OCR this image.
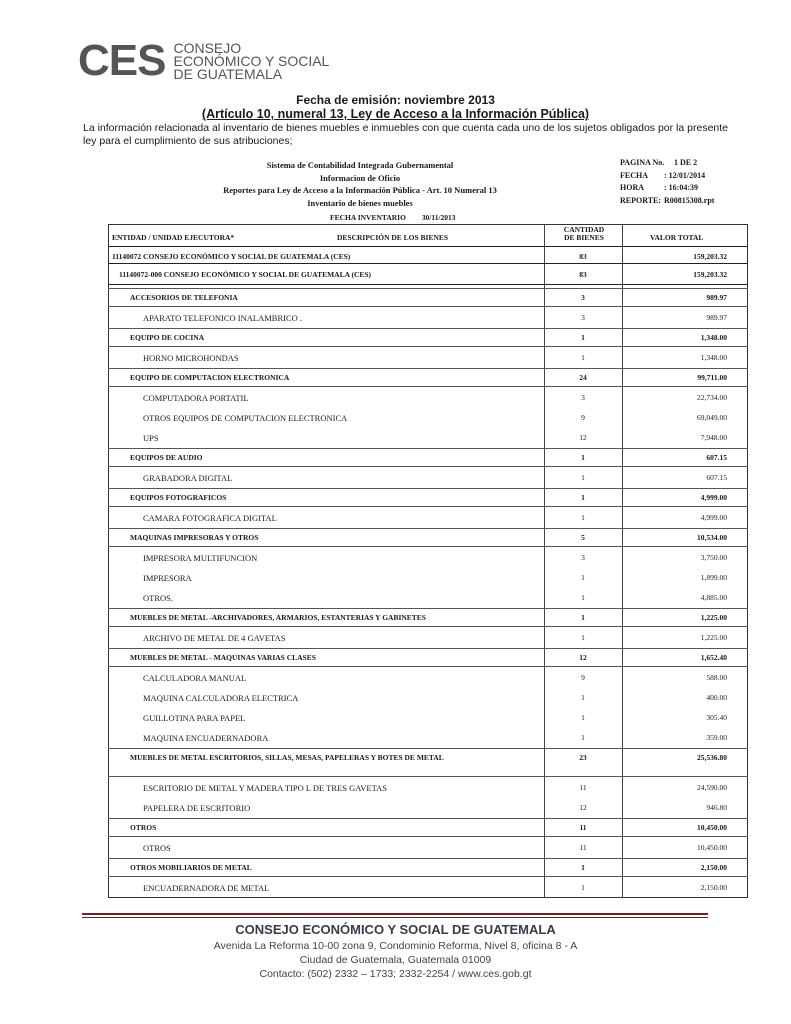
CES CONSEJO
ECONÓMICO Y SOCIAL
DE GUATEMALA
Fecha de emisión: noviembre 2013
(Artículo 10, numeral 13, Ley de Acceso a la Información Pública)
La información relacionada al inventario de bienes muebles e inmuebles con que cuenta cada uno de los sujetos obligados por la presente ley para el cumplimiento de sus atribuciones;
Sistema de Contabilidad Integrada Gubernamental
Informacion de Oficio
Reportes para Ley de Acceso a la Información Pública - Art. 10 Numeral 13
Inventario de bienes muebles
PAGINA No. 1 DE 2
FECHA	: 12/01/2014
HORA	: 16:04:39
REPORTE: R00815308.rpt
FECHA INVENTARIO 30/11/2013
ENTIDAD / UNIDAD EJECUTORA*	DESCRIPCIÓN DE LOS BIENES
CANTIDAD
DE BIENES	VALOR TOTAL
11140072 CONSEJO ECONÓMICO Y SOCIAL DE GUATEMALA (CES)	83	159,203.32
11140072-000 CONSEJO ECONÓMICO Y SOCIAL DE GUATEMALA (CES)	83	159,203.32
ACCESORIOS DE TELEFONIA	3	989.97
APARATO TELEFONICO INALAMBRICO .	3	989.97
EQUIPO DE COCINA	1	1,348.00
HORNO MICROHONDAS	1	1,348.00
EQUIPO DE COMPUTACION ELECTRONICA	24	99,711.00
COMPUTADORA PORTATIL	3	22,734.00
OTROS EQUIPOS DE COMPUTACION ELECTRONICA	9	69,049.00
UPS	12	7,948.00
EQUIPOS DE AUDIO	1	607.15
GRABADORA DIGITAL	1	607.15
EQUIPOS FOTOGRAFICOS	1	4,999.00
CAMARA FOTOGRAFICA DIGITAL	1	4,999.00
MAQUINAS IMPRESORAS Y OTROS	5	10,534.00
IMPRESORA MULTIFUNCION	3	3,750.00
IMPRESORA	1	1,899.00
OTROS.	1	4,885.00
MUEBLES DE METAL -ARCHIVADORES, ARMARIOS, ESTANTERIAS Y GABINETES	1	1,225.00
ARCHIVO DE METAL DE 4 GAVETAS	1	1,225.00
MUEBLES DE METAL - MAQUINAS VARIAS CLASES	12	1,652.40
CALCULADORA MANUAL	9	588.00
MAQUINA CALCULADORA ELECTRICA	1	400.00
GUILLOTINA PARA PAPEL	1	305.40
MAQUINA ENCUADERNADORA	1	359.00
MUEBLES DE METAL ESCRITORIOS, SILLAS, MESAS, PAPELERAS Y BOTES DE METAL	23	25,536.80
ESCRITORIO DE METAL Y MADERA TIPO L DE TRES GAVETAS	11	24,590.00
PAPELERA DE ESCRITORIO	12	946.80
OTROS	11	10,450.00
OTROS	11	10,450.00
OTROS MOBILIARIOS DE METAL	1	2,150.00
ENCUADERNADORA DE METAL	1	2,150.00
CONSEJO ECONÓMICO Y SOCIAL DE GUATEMALA
Avenida La Reforma 10-00 zona 9, Condominio Reforma, Nivel 8, oficina 8 - A
Ciudad de Guatemala, Guatemala 01009
Contacto: (502) 2332 – 1733; 2332-2254 / www.ces.gob.gt
